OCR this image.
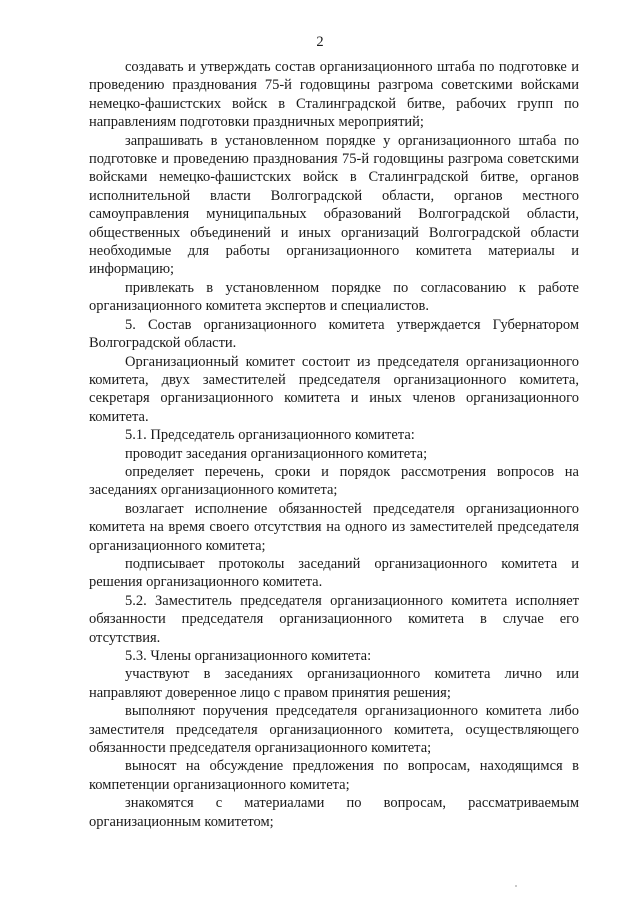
2

создавать и утверждать состав организационного штаба по подготовке и проведению празднования 75-й годовщины разгрома советскими войсками немецко-фашистских войск в Сталинградской битве, рабочих групп по направлениям подготовки праздничных мероприятий;

запрашивать в установленном порядке у организационного штаба по подготовке и проведению празднования 75-й годовщины разгрома советскими войсками немецко-фашистских войск в Сталинградской битве, органов исполнительной власти Волгоградской области, органов местного самоуправления муниципальных образований Волгоградской области, общественных объединений и иных организаций Волгоградской области необходимые для работы организационного комитета материалы и информацию;

привлекать в установленном порядке по согласованию к работе организационного комитета экспертов и специалистов.

5. Состав организационного комитета утверждается Губернатором Волгоградской области.

Организационный комитет состоит из председателя организационного комитета, двух заместителей председателя организационного комитета, секретаря организационного комитета и иных членов организационного комитета.

5.1. Председатель организационного комитета:

проводит заседания организационного комитета;

определяет перечень, сроки и порядок рассмотрения вопросов на заседаниях организационного комитета;

возлагает исполнение обязанностей председателя организационного комитета на время своего отсутствия на одного из заместителей председателя организационного комитета;

подписывает протоколы заседаний организационного комитета и решения организационного комитета.

5.2. Заместитель председателя организационного комитета исполняет обязанности председателя организационного комитета в случае его отсутствия.

5.3. Члены организационного комитета:

участвуют в заседаниях организационного комитета лично или направляют доверенное лицо с правом принятия решения;

выполняют поручения председателя организационного комитета либо заместителя председателя организационного комитета, осуществляющего обязанности председателя организационного комитета;

выносят на обсуждение предложения по вопросам, находящимся в компетенции организационного комитета;

знакомятся с материалами по вопросам, рассматриваемым организационным комитетом;
